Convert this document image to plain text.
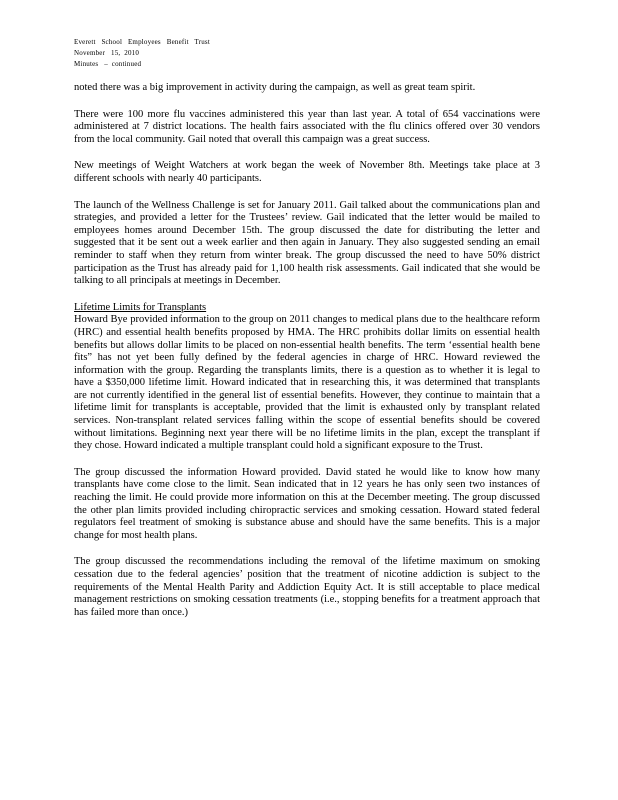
Everett   School   Employees   Benefit   Trust
November   15,  2010
Minutes   –  continued

noted there was a big improvement in activity during the campaign, as well as great team spirit.

There were 100 more flu vaccines administered this year than last year. A total of 654 vaccinations were administered at 7 district locations. The health fairs associated with the flu clinics offered over 30 vendors from the local community. Gail noted that overall this campaign was a great success.

New meetings of Weight Watchers at work began the week of November 8th. Meetings take place at 3 different schools with nearly 40 participants.

The launch of the Wellness Challenge is set for January 2011. Gail talked about the communications plan and strategies, and provided a letter for the Trustees’ review. Gail indicated that the letter would be mailed to employees homes around December 15th. The group discussed the date for distributing the letter and suggested that it be sent out a week earlier and then again in January. They also suggested sending an email reminder to staff when they return from winter break. The group discussed the need to have 50% district participation as the Trust has already paid for 1,100 health risk assessments. Gail indicated that she would be talking to all principals at meetings in December.

Lifetime Limits for Transplants

Howard Bye provided information to the group on 2011 changes to medical plans due to the healthcare reform (HRC) and essential health benefits proposed by HMA. The HRC prohibits dollar limits on essential health benefits but allows dollar limits to be placed on non-essential health benefits. The term ‘essential health bene fits” has not yet been fully defined by the federal agencies in charge of HRC. Howard reviewed the information with the group. Regarding the transplants limits, there is a question as to whether it is legal to have a $350,000 lifetime limit. Howard indicated that in researching this, it was determined that transplants are not currently identified in the general list of essential benefits. However, they continue to maintain that a lifetime limit for transplants is acceptable, provided that the limit is exhausted only by transplant related services. Non-transplant related services falling within the scope of essential benefits should be covered without limitations. Beginning next year there will be no lifetime limits in the plan, except the transplant if they chose. Howard indicated a multiple transplant could hold a significant exposure to the Trust.

The group discussed the information Howard provided. David stated he would like to know how many transplants have come close to the limit. Sean indicated that in 12 years he has only seen two instances of reaching the limit. He could provide more information on this at the December meeting. The group discussed the other plan limits provided including chiropractic services and smoking cessation. Howard stated federal regulators feel treatment of smoking is substance abuse and should have the same benefits. This is a major change for most health plans.

The group discussed the recommendations including the removal of the lifetime maximum on smoking cessation due to the federal agencies’ position that the treatment of nicotine addiction is subject to the requirements of the Mental Health Parity and Addiction Equity Act. It is still acceptable to place medical management restrictions on smoking cessation treatments (i.e., stopping benefits for a treatment approach that has failed more than once.)
